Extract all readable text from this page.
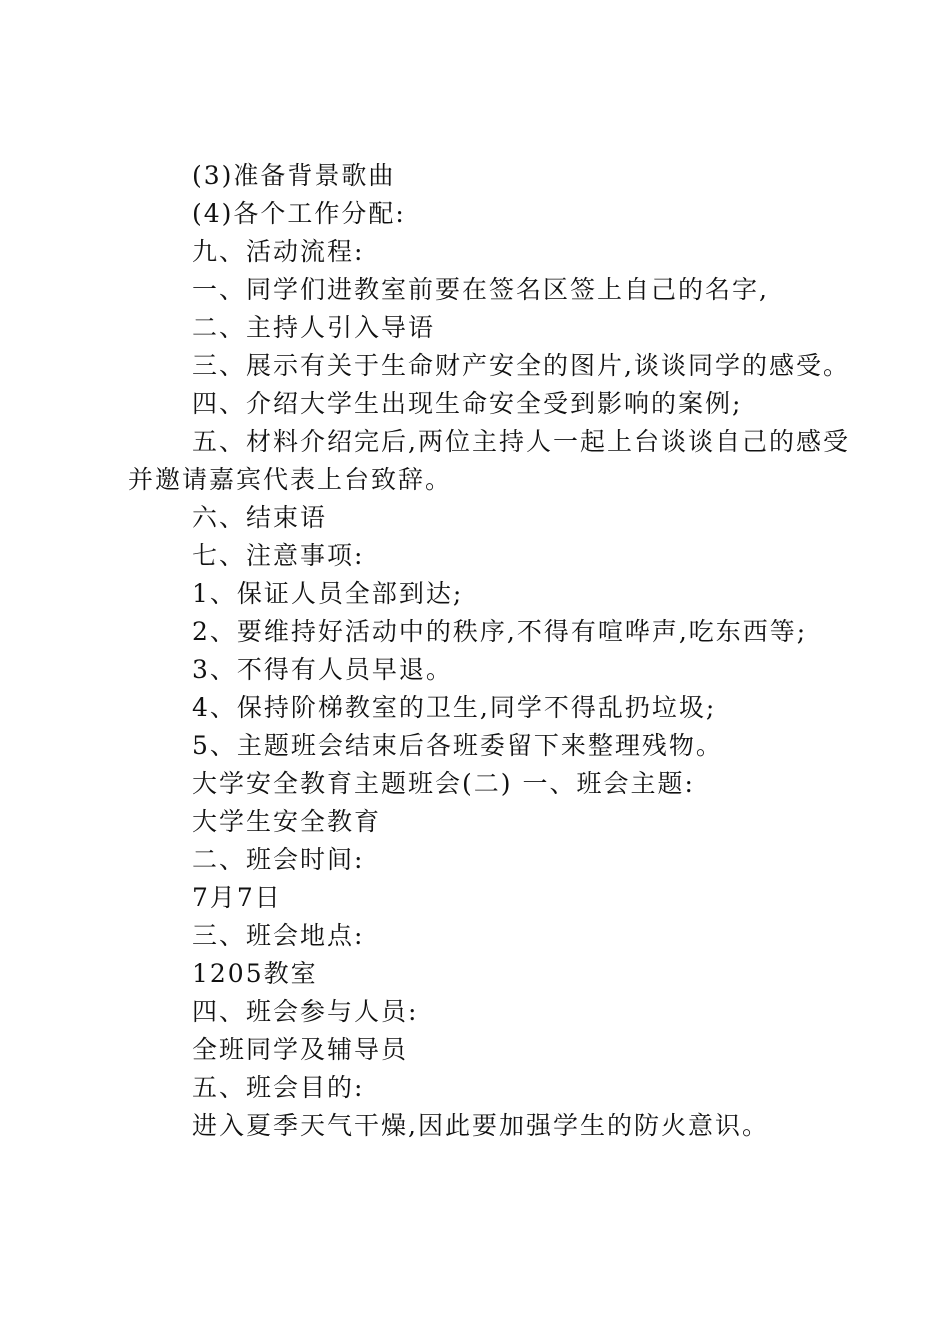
(3)准备背景歌曲
(4)各个工作分配:
九、活动流程:
一、同学们进教室前要在签名区签上自己的名字,
二、主持人引入导语
三、展示有关于生命财产安全的图片,谈谈同学的感受。
四、介绍大学生出现生命安全受到影响的案例;
五、材料介绍完后,两位主持人一起上台谈谈自己的感受
并邀请嘉宾代表上台致辞。
六、结束语
七、注意事项:
1、保证人员全部到达;
2、要维持好活动中的秩序,不得有喧哗声,吃东西等;
3、不得有人员早退。
4、保持阶梯教室的卫生,同学不得乱扔垃圾;
5、主题班会结束后各班委留下来整理残物。
大学安全教育主题班会(二) 一、班会主题:
大学生安全教育
二、班会时间:
7月7日
三、班会地点:
1205教室
四、班会参与人员:
全班同学及辅导员
五、班会目的:
进入夏季天气干燥,因此要加强学生的防火意识。
